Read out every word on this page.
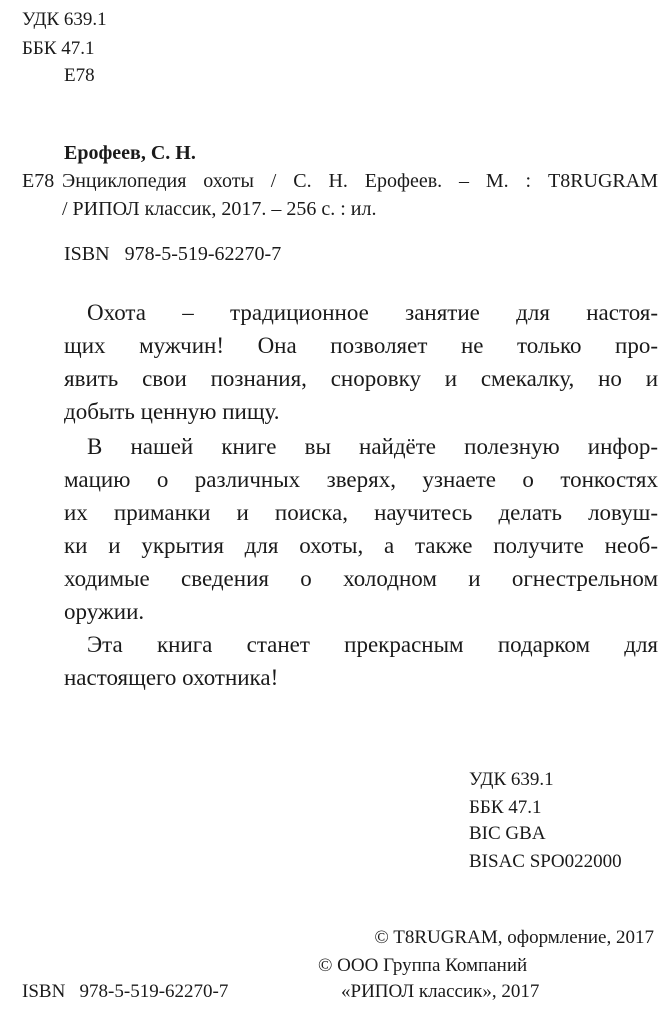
УДК 639.1
ББК 47.1
Е78
Ерофеев, С. Н.
Е78 Энциклопедия охоты / С. Н. Ерофеев. – М. : T8RUGRAM
/ РИПОЛ классик, 2017. – 256 с. : ил.
ISBN   978-5-519-62270-7
Охота – традиционное занятие для настоя-
щих мужчин! Она позволяет не только про-
явить свои познания, сноровку и смекалку, но и
добыть ценную пищу.
В нашей книге вы найдёте полезную инфор-
мацию о различных зверях, узнаете о тонкостях
их приманки и поиска, научитесь делать ловуш-
ки и укрытия для охоты, а также получите необ-
ходимые сведения о холодном и огнестрельном
оружии.
Эта книга станет прекрасным подарком для
настоящего охотника!
УДК 639.1
ББК 47.1
BIC GBA
BISAC SPO022000
© T8RUGRAM, оформление, 2017
© ООО Группа Компаний
ISBN   978-5-519-62270-7	«РИПОЛ классик», 2017
